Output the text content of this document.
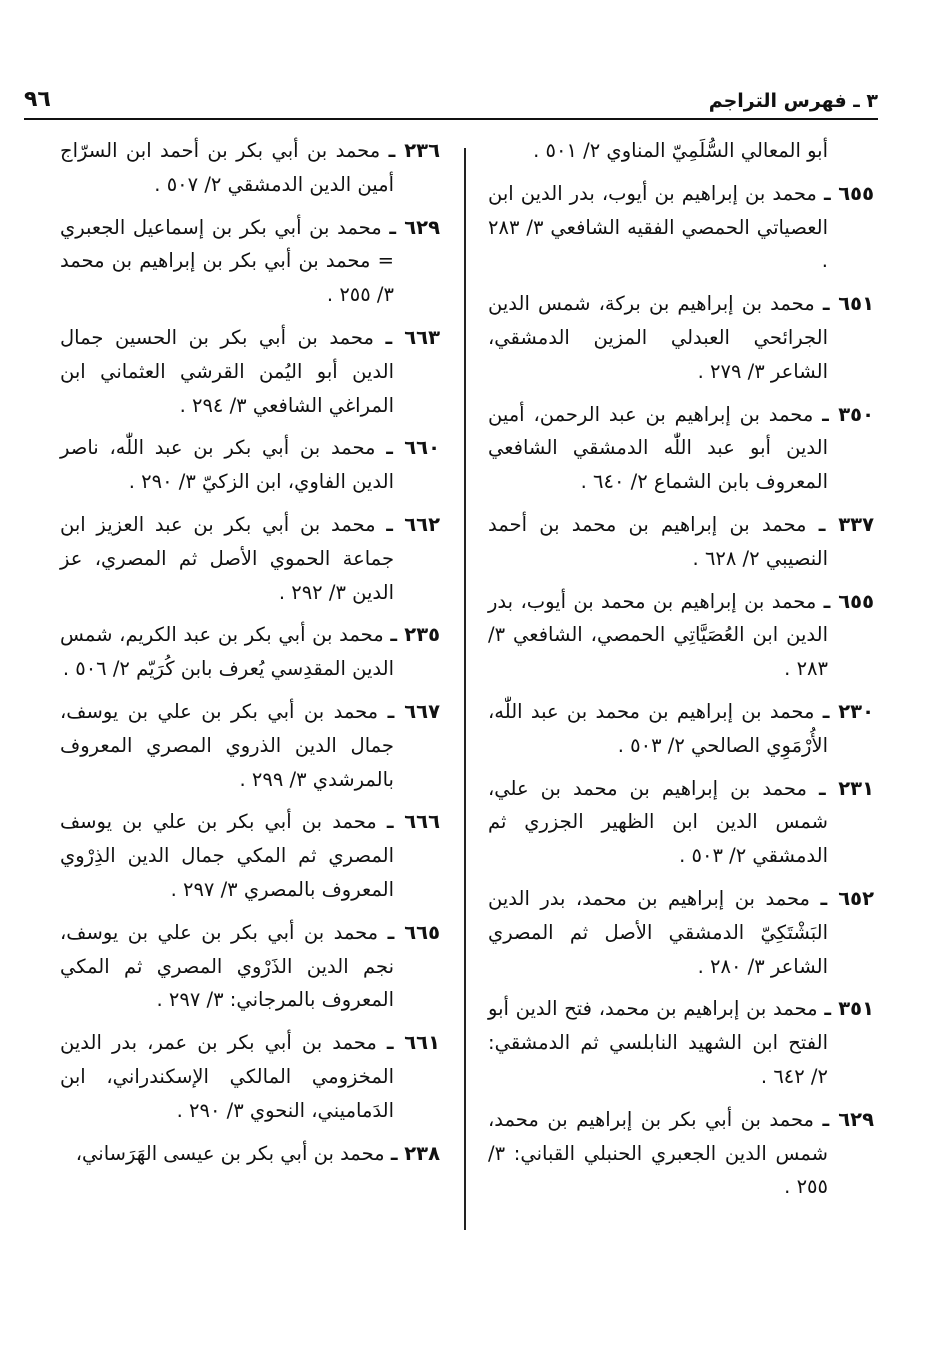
٩٦	٣ ـ فهرس التراجم

أبو المعالي السُّلَمِيّ المناوي ٢/ ٥٠١ .

٦٥٥ ـ محمد بن إبراهيم بن أيوب، بدر الدين ابن العصياتي الحمصي الفقيه الشافعي ٣/ ٢٨٣ .

٦٥١ ـ محمد بن إبراهيم بن بركة، شمس الدين الجرائحي العبدلي المزين الدمشقي، الشاعر ٣/ ٢٧٩ .

٣٥٠ ـ محمد بن إبراهيم بن عبد الرحمن، أمين الدين أبو عبد اللّٰه الدمشقي الشافعي المعروف بابن الشماع ٢/ ٦٤٠ .

٣٣٧ ـ محمد بن إبراهيم بن محمد بن أحمد النصيبي ٢/ ٦٢٨ .

٦٥٥ ـ محمد بن إبراهيم بن محمد بن أيوب، بدر الدين ابن العُصَيَّاتِي الحمصي، الشافعي ٣/ ٢٨٣ .

٢٣٠ ـ محمد بن إبراهيم بن محمد بن عبد اللّٰه، الأُرْمَوِي الصالحي ٢/ ٥٠٣ .

٢٣١ ـ محمد بن إبراهيم بن محمد بن علي، شمس الدين ابن الظهير الجزري ثم الدمشقي ٢/ ٥٠٣ .

٦٥٢ ـ محمد بن إبراهيم بن محمد، بدر الدين البَشْتَكِيّ الدمشقي الأصل ثم المصري الشاعر ٣/ ٢٨٠ .

٣٥١ ـ محمد بن إبراهيم بن محمد، فتح الدين أبو الفتح ابن الشهيد النابلسي ثم الدمشقي: ٢/ ٦٤٢ .

٦٢٩ ـ محمد بن أبي بكر بن إبراهيم بن محمد، شمس الدين الجعبري الحنبلي القباني: ٣/ ٢٥٥ .

٢٣٦ ـ محمد بن أبي بكر بن أحمد ابن السرّاج أمين الدين الدمشقي ٢/ ٥٠٧ .

٦٢٩ ـ محمد بن أبي بكر بن إسماعيل الجعبري = محمد بن أبي بكر بن إبراهيم بن محمد ٣/ ٢٥٥ .

٦٦٣ ـ محمد بن أبي بكر بن الحسين جمال الدين أبو اليُمن القرشي العثماني ابن المراغي الشافعي ٣/ ٢٩٤ .

٦٦٠ ـ محمد بن أبي بكر بن عبد اللّٰه، ناصر الدين الفاوي، ابن الزكيّ ٣/ ٢٩٠ .

٦٦٢ ـ محمد بن أبي بكر بن عبد العزيز ابن جماعة الحموي الأصل ثم المصري، عز الدين ٣/ ٢٩٢ .

٢٣٥ ـ محمد بن أبي بكر بن عبد الكريم، شمس الدين المقدِسي يُعرف بابن كُرَيّم ٢/ ٥٠٦ .

٦٦٧ ـ محمد بن أبي بكر بن علي بن يوسف، جمال الدين الذروي المصري المعروف بالمرشدي ٣/ ٢٩٩ .

٦٦٦ ـ محمد بن أبي بكر بن علي بن يوسف المصري ثم المكي جمال الدين الذِرْوي المعروف بالمصري ٣/ ٢٩٧ .

٦٦٥ ـ محمد بن أبي بكر بن علي بن يوسف، نجم الدين الذَرْوي المصري ثم المكي المعروف بالمرجاني: ٣/ ٢٩٧ .

٦٦١ ـ محمد بن أبي بكر بن عمر، بدر الدين المخزومي المالكي الإسكندراني، ابن الدَماميني، النحوي ٣/ ٢٩٠ .

٢٣٨ ـ محمد بن أبي بكر بن عيسى الهَرَساني،
